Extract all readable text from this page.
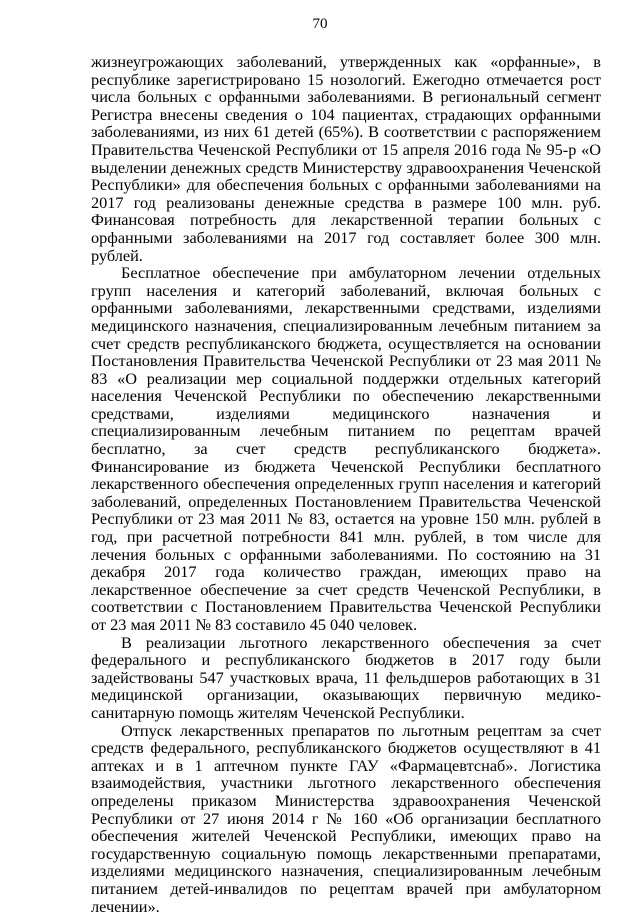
70

жизнеугрожающих заболеваний, утвержденных как «орфанные», в республике зарегистрировано 15 нозологий. Ежегодно отмечается рост числа больных с орфанными заболеваниями. В региональный сегмент Регистра внесены сведения о 104 пациентах, страдающих орфанными заболеваниями, из них 61 детей (65%). В соответствии с распоряжением Правительства Чеченской Республики от 15 апреля 2016 года № 95-р «О выделении денежных средств Министерству здравоохранения Чеченской Республики» для обеспечения больных с орфанными заболеваниями на 2017 год реализованы денежные средства в размере 100 млн. руб. Финансовая потребность для лекарственной терапии больных с орфанными заболеваниями на 2017 год составляет более 300 млн. рублей.

Бесплатное обеспечение при амбулаторном лечении отдельных групп населения и категорий заболеваний, включая больных с орфанными заболеваниями, лекарственными средствами, изделиями медицинского назначения, специализированным лечебным питанием за счет средств республиканского бюджета, осуществляется на основании Постановления Правительства Чеченской Республики от 23 мая 2011 № 83 «О реализации мер социальной поддержки отдельных категорий населения Чеченской Республики по обеспечению лекарственными средствами, изделиями медицинского назначения и специализированным лечебным питанием по рецептам врачей бесплатно, за счет средств республиканского бюджета». Финансирование из бюджета Чеченской Республики бесплатного лекарственного обеспечения определенных групп населения и категорий заболеваний, определенных Постановлением Правительства Чеченской Республики от 23 мая 2011 № 83, остается на уровне 150 млн. рублей в год, при расчетной потребности 841 млн. рублей, в том числе для лечения больных с орфанными заболеваниями. По состоянию на 31 декабря 2017 года количество граждан, имеющих право на лекарственное обеспечение за счет средств Чеченской Республики, в соответствии с Постановлением Правительства Чеченской Республики от 23 мая 2011 № 83 составило 45 040 человек.

В реализации льготного лекарственного обеспечения за счет федерального и республиканского бюджетов в 2017 году были задействованы 547 участковых врача, 11 фельдшеров работающих в 31 медицинской организации, оказывающих первичную медико-санитарную помощь жителям Чеченской Республики.

Отпуск лекарственных препаратов по льготным рецептам за счет средств федерального, республиканского бюджетов осуществляют в 41 аптеках и в 1 аптечном пункте ГАУ «Фармацевтснаб». Логистика взаимодействия, участники льготного лекарственного обеспечения определены приказом Министерства здравоохранения Чеченской Республики от 27 июня 2014 г № 160 «Об организации бесплатного обеспечения жителей Чеченской Республики, имеющих право на государственную социальную помощь лекарственными препаратами, изделиями медицинского назначения, специализированным лечебным питанием детей-инвалидов по рецептам врачей при амбулаторном лечении».
